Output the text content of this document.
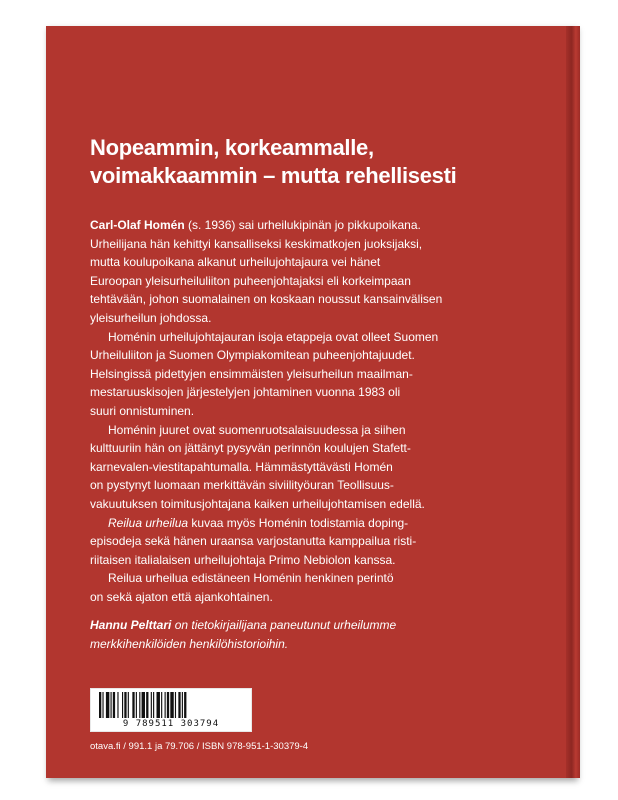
Nopeammin, korkeammalle,
voimakkaammin – mutta rehellisesti
Carl-Olaf Homén (s. 1936) sai urheilukipinän jo pikkupoikana.
Urheilijana hän kehittyi kansalliseksi keskimatkojen juoksijaksi,
mutta koulupoikana alkanut urheilujohtajaura vei hänet
Euroopan yleisurheiluliiton puheenjohtajaksi eli korkeimpaan
tehtävään, johon suomalainen on koskaan noussut kansainvälisen
yleisurheilun johdossa.
Homénin urheilujohtajauran isoja etappeja ovat olleet Suomen
Urheiluliiton ja Suomen Olympiakomitean puheenjohtajuudet.
Helsingissä pidettyjen ensimmäisten yleisurheilun maailman-
mestaruuskisojen järjestelyjen johtaminen vuonna 1983 oli
suuri onnistuminen.
Homénin juuret ovat suomenruotsalaisuudessa ja siihen
kulttuuriin hän on jättänyt pysyvän perinnön koulujen Stafett-
karnevalen-viestitapahtumalla. Hämmästyttävästi Homén
on pystynyt luomaan merkittävän siviilityöuran Teollisuus-
vakuutuksen toimitusjohtajana kaiken urheilujohtamisen edellä.
Reilua urheilua kuvaa myös Homénin todistamia doping-
episodeja sekä hänen uraansa varjostanutta kamppailua risti-
riitaisen italialaisen urheilujohtaja Primo Nebiolon kanssa.
Reilua urheilua edistäneen Homénin henkinen perintö
on sekä ajaton että ajankohtainen.
Hannu Pelttari on tietokirjailijana paneutunut urheilumme
merkkihenkilöiden henkilöhistorioihin.
9 789511 303794
otava.fi / 991.1 ja 79.706 / ISBN 978-951-1-30379-4
